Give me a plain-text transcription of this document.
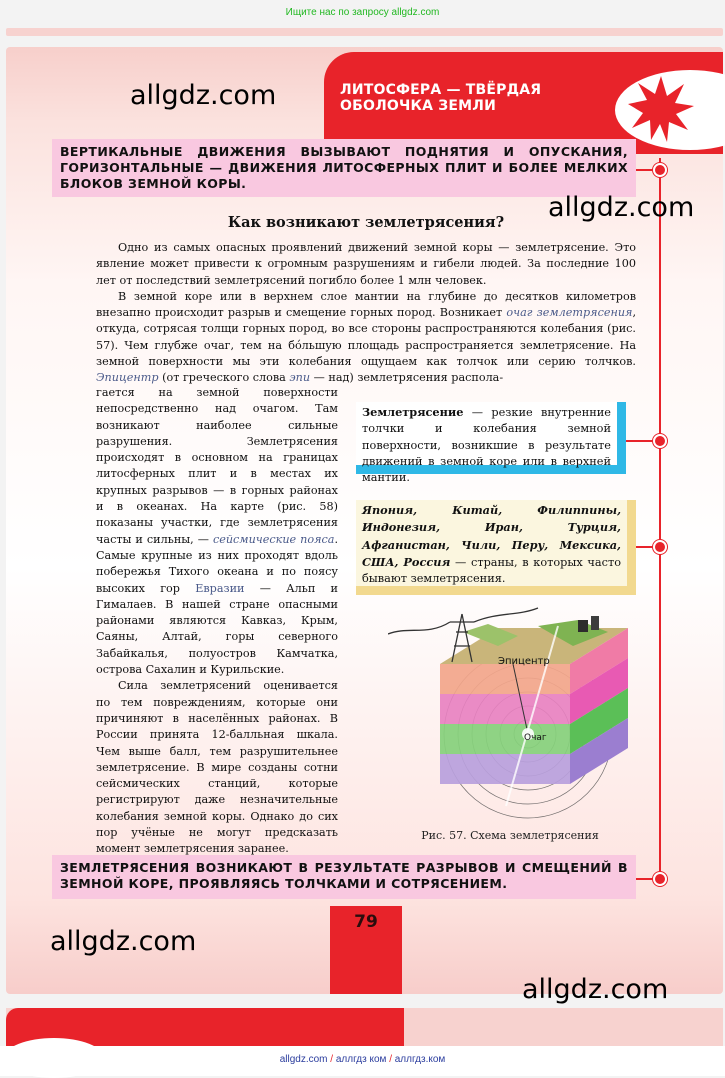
Ищите нас по запросу allgdz.com
ЛИТОСФЕРА — ТВЁРДАЯ ОБОЛОЧКА ЗЕМЛИ
allgdz.com
ВЕРТИКАЛЬНЫЕ ДВИЖЕНИЯ ВЫЗЫВАЮТ ПОДНЯТИЯ И ОПУСКАНИЯ, ГОРИЗОНТАЛЬНЫЕ — ДВИЖЕНИЯ ЛИТОСФЕРНЫХ ПЛИТ И БОЛЕЕ МЕЛКИХ БЛОКОВ ЗЕМНОЙ КОРЫ.
allgdz.com
Как возникают землетрясения?

Одно из самых опасных проявлений движений земной коры — землетрясение. Это явление может привести к огромным разрушениям и гибели людей. За последние 100 лет от последствий землетрясений погибло более 1 млн человек.

В земной коре или в верхнем слое мантии на глубине до десятков километров внезапно происходит разрыв и смещение горных пород. Возникает очаг землетрясения, откуда, сотрясая толщи горных пород, во все стороны распространяются колебания (рис. 57). Чем глубже очаг, тем на бóльшую площадь распространяется землетрясение. На земной поверхности мы эти колебания ощущаем как толчок или серию толчков. Эпицентр (от греческого слова эпи — над) землетрясения распола-

гается на земной поверхности непосредственно над очагом. Там возникают наиболее сильные разрушения. Землетрясения происходят в основном на границах литосферных плит и в местах их крупных разрывов — в горных районах и в океанах. На карте (рис. 58) показаны участки, где землетрясения часты и сильны, — сейсмические пояса. Самые крупные из них проходят вдоль побережья Тихого океана и по поясу высоких гор Евразии — Альп и Гималаев. В нашей стране опасными районами являются Кавказ, Крым, Саяны, Алтай, горы северного Забайкалья, полуостров Камчатка, острова Сахалин и Курильские.

Сила землетрясений оценивается по тем повреждениям, которые они причиняют в населённых районах. В России принята 12-балльная шкала. Чем выше балл, тем разрушительнее землетрясение. В мире созданы сотни сейсмических станций, которые регистрируют даже незначительные колебания земной коры. Однако до сих пор учёные не могут предсказать момент землетрясения заранее.

Землетрясение — резкие внутренние толчки и колебания земной поверхности, возникшие в результате движений в земной коре или в верхней мантии.
Япония, Китай, Филиппины, Индонезия, Иран, Турция, Афганистан, Чили, Перу, Мексика, США, Россия — страны, в которых часто бывают землетрясения.
Эпицентр
Очаг
Рис. 57. Схема землетрясения
ЗЕМЛЕТРЯСЕНИЯ ВОЗНИКАЮТ В РЕЗУЛЬТАТЕ РАЗРЫВОВ И СМЕЩЕНИЙ В ЗЕМНОЙ КОРЕ, ПРОЯВЛЯЯСЬ ТОЛЧКАМИ И СОТРЯСЕНИЕМ.
79
allgdz.com
allgdz.com
allgdz.com / аллгдз ком / аллгдз.ком
